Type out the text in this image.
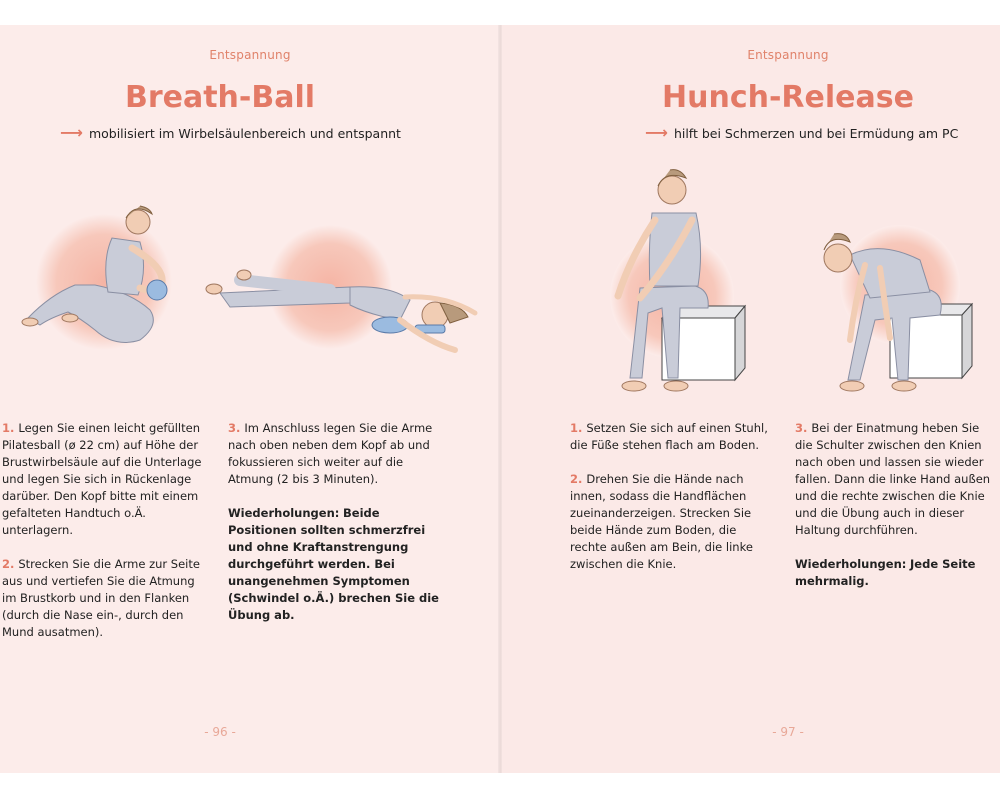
Entspannung
Breath-Ball
⟶ mobilisiert im Wirbelsäulenbereich und entspannt

1. Legen Sie einen leicht gefüllten Pilatesball (ø 22 cm) auf Höhe der Brustwirbelsäule auf die Unterlage und legen Sie sich in Rückenlage darüber. Den Kopf bitte mit einem gefalteten Handtuch o.Ä. unterlagern.

2. Strecken Sie die Arme zur Seite aus und vertiefen Sie die Atmung im Brustkorb und in den Flanken (durch die Nase ein-, durch den Mund ausatmen).

3. Im Anschluss legen Sie die Arme nach oben neben dem Kopf ab und fokussieren sich weiter auf die Atmung (2 bis 3 Minuten).

Wiederholungen: Beide Positionen sollten schmerzfrei und ohne Kraftanstrengung durchgeführt werden. Bei unangenehmen Symptomen (Schwindel o.Ä.) brechen Sie die Übung ab.

- 96 -
Entspannung
Hunch-Release
⟶ hilft bei Schmerzen und bei Ermüdung am PC

1. Setzen Sie sich auf einen Stuhl, die Füße stehen flach am Boden.

2. Drehen Sie die Hände nach innen, sodass die Handflächen zueinanderzeigen. Strecken Sie beide Hände zum Boden, die rechte außen am Bein, die linke zwischen die Knie.

3. Bei der Einatmung heben Sie die Schulter zwischen den Knien nach oben und lassen sie wieder fallen. Dann die linke Hand außen und die rechte zwischen die Knie und die Übung auch in dieser Haltung durchführen.

Wiederholungen: Jede Seite mehrmalig.

- 97 -
